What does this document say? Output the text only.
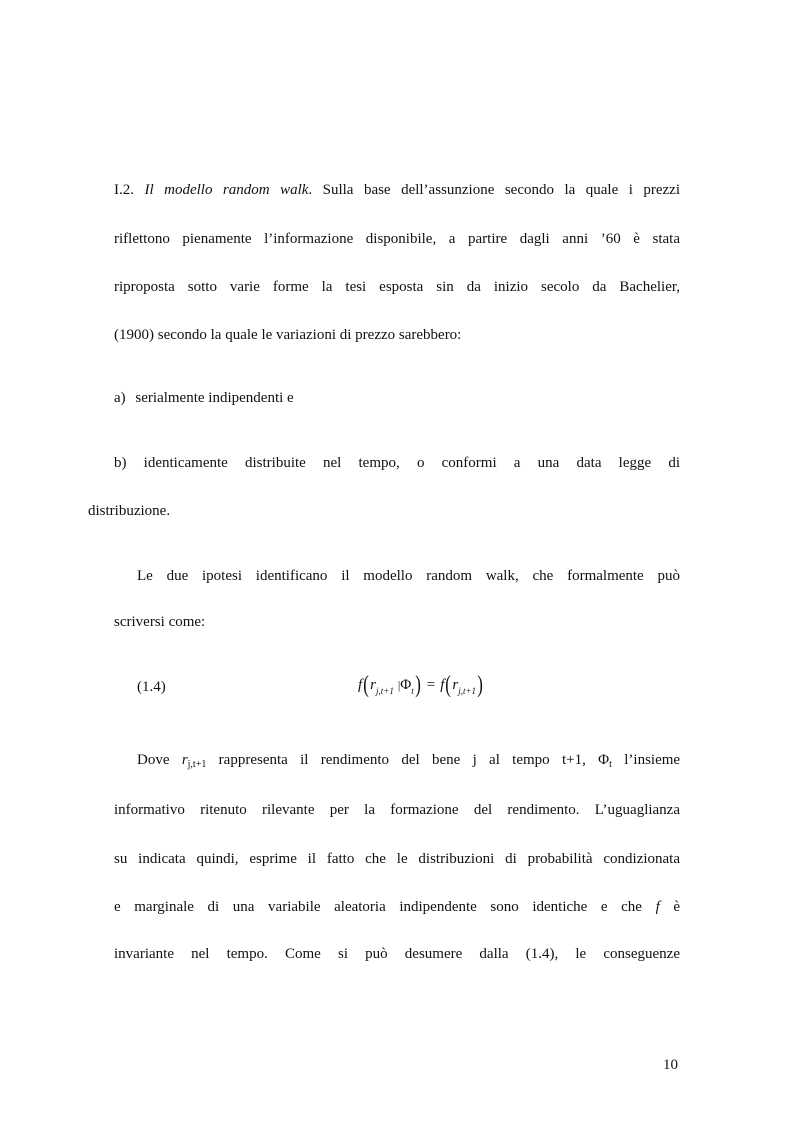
I.2. Il modello random walk. Sulla base dell’assunzione secondo la quale i prezzi

riflettono pienamente l’informazione disponibile, a partire dagli anni ’60 è stata

riproposta sotto varie forme la tesi esposta sin da inizio secolo da Bachelier,

(1900) secondo la quale le variazioni di prezzo sarebbero:

a) serialmente indipendenti e

b) identicamente distribuite nel tempo, o conformi a una data legge di

distribuzione.

Le due ipotesi identificano il modello random walk, che formalmente può

scriversi come:

(1.4)	f ( r j,t+1 | Φ t ) = f ( r j,t+1 )

Dove $r_{j,t+1}$ rappresenta il rendimento del bene j al tempo t+1, $\Phi_t$ l’insieme

informativo ritenuto rilevante per la formazione del rendimento. L’uguaglianza

su indicata quindi, esprime il fatto che le distribuzioni di probabilità condizionata

e marginale di una variabile aleatoria indipendente sono identiche e che f è

invariante nel tempo. Come si può desumere dalla (1.4), le conseguenze

10
